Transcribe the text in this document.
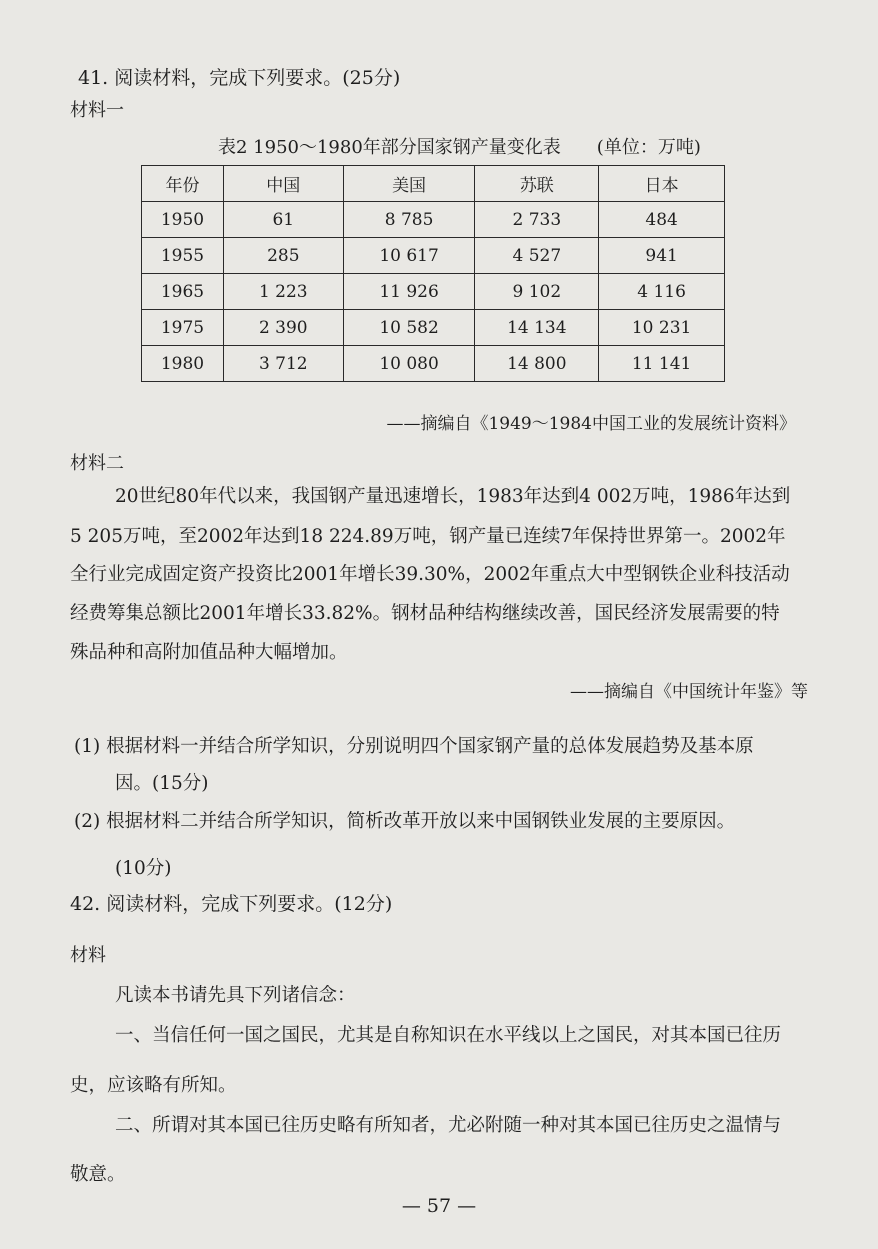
41. 阅读材料，完成下列要求。(25分)
材料一
表2 1950～1980年部分国家钢产量变化表 (单位：万吨)
年份	中国	美国	苏联	日本
1950	61	8 785	2 733	484
1955	285	10 617	4 527	941
1965	1 223	11 926	9 102	4 116
1975	2 390	10 582	14 134	10 231
1980	3 712	10 080	14 800	11 141
——摘编自《1949～1984中国工业的发展统计资料》
材料二
20世纪80年代以来，我国钢产量迅速增长，1983年达到4 002万吨，1986年达到
5 205万吨，至2002年达到18 224.89万吨，钢产量已连续7年保持世界第一。2002年
全行业完成固定资产投资比2001年增长39.30%，2002年重点大中型钢铁企业科技活动
经费筹集总额比2001年增长33.82%。钢材品种结构继续改善，国民经济发展需要的特
殊品种和高附加值品种大幅增加。
——摘编自《中国统计年鉴》等
(1) 根据材料一并结合所学知识，分别说明四个国家钢产量的总体发展趋势及基本原
因。(15分)
(2) 根据材料二并结合所学知识，简析改革开放以来中国钢铁业发展的主要原因。
(10分)
42. 阅读材料，完成下列要求。(12分)
材料
凡读本书请先具下列诸信念：
一、当信任何一国之国民，尤其是自称知识在水平线以上之国民，对其本国已往历
史，应该略有所知。
二、所谓对其本国已往历史略有所知者，尤必附随一种对其本国已往历史之温情与
敬意。
— 57 —
